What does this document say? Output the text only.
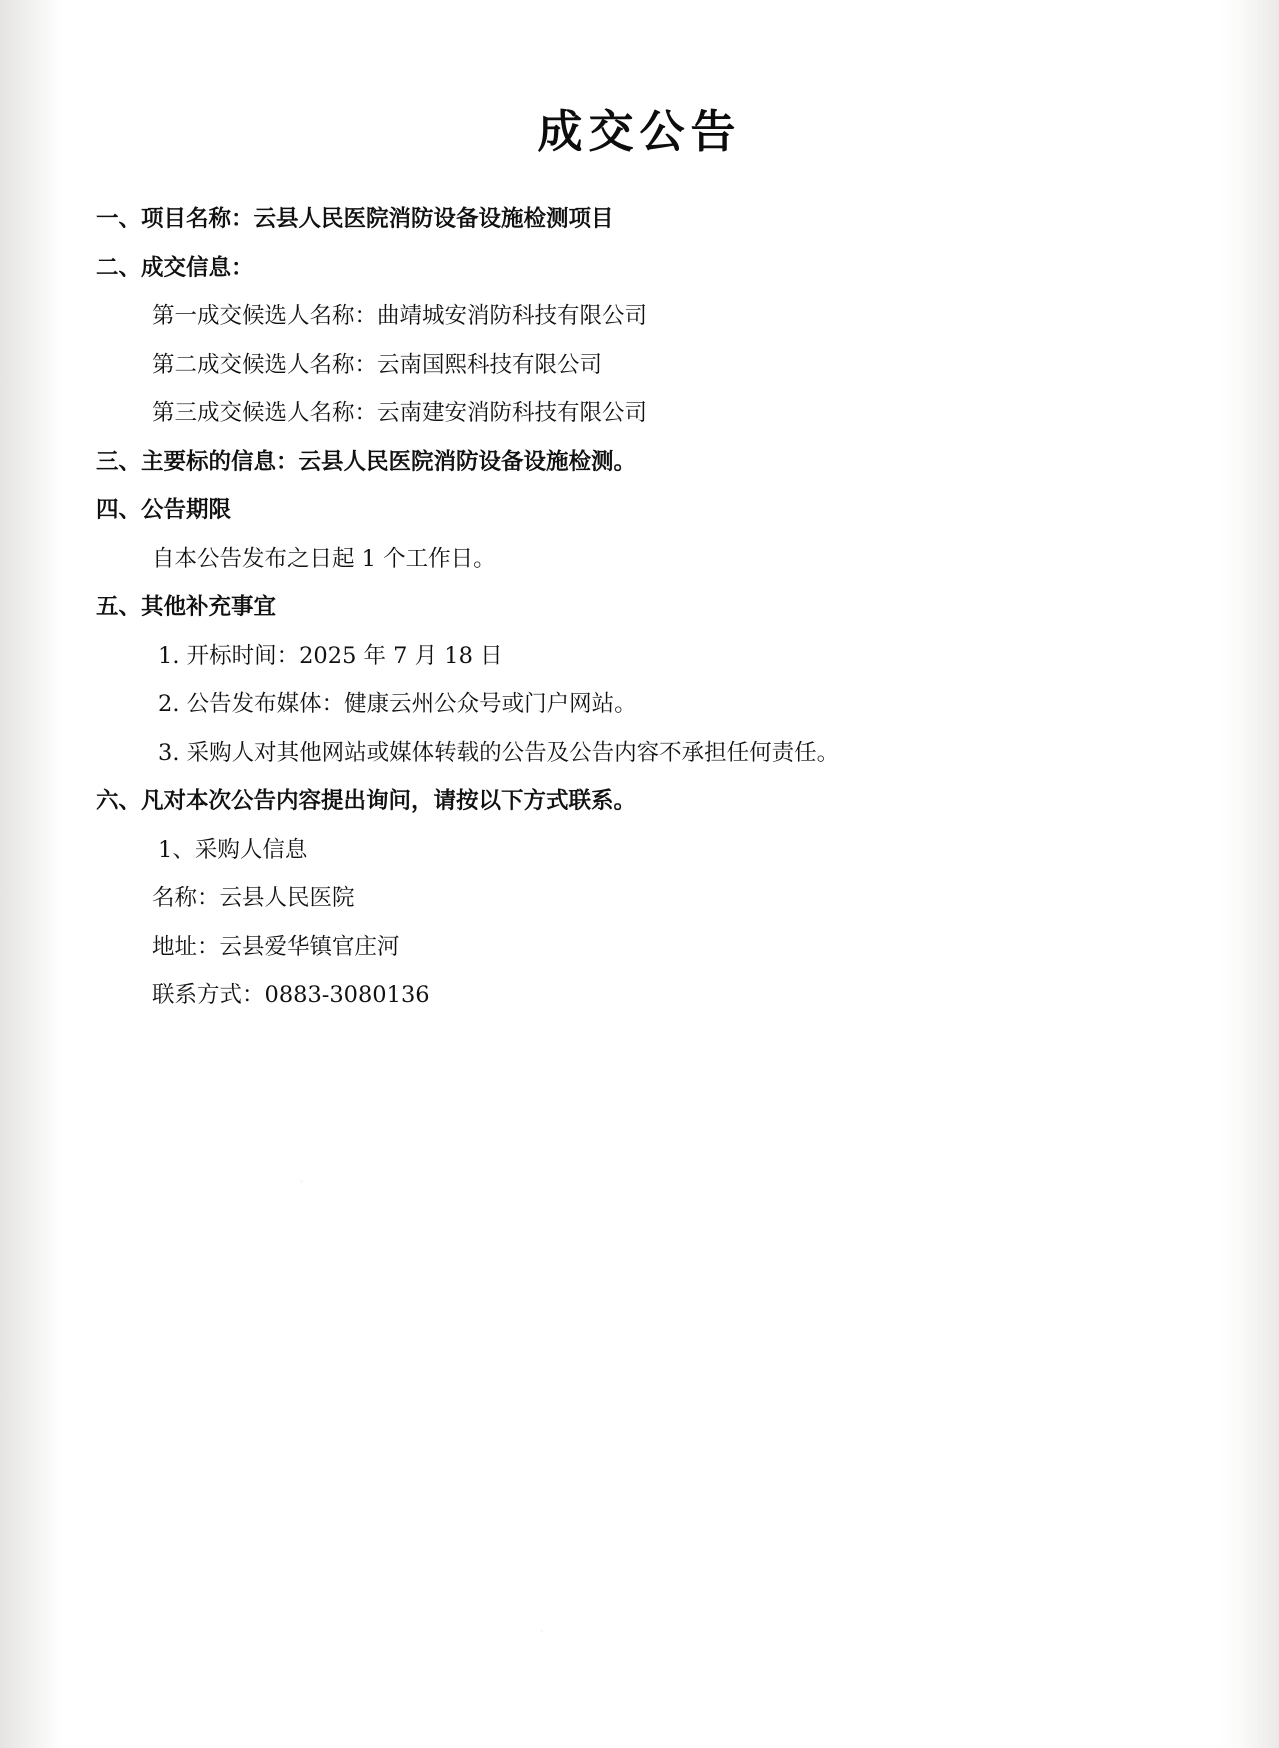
成交公告

一、项目名称：云县人民医院消防设备设施检测项目

二、成交信息：

第一成交候选人名称：曲靖城安消防科技有限公司

第二成交候选人名称：云南国熙科技有限公司

第三成交候选人名称：云南建安消防科技有限公司

三、主要标的信息：云县人民医院消防设备设施检测。

四、公告期限

自本公告发布之日起 1 个工作日。

五、其他补充事宜

1. 开标时间：2025 年 7 月 18 日

2. 公告发布媒体：健康云州公众号或门户网站。

3. 采购人对其他网站或媒体转载的公告及公告内容不承担任何责任。

六、凡对本次公告内容提出询问，请按以下方式联系。

1、采购人信息

名称：云县人民医院

地址：云县爱华镇官庄河

联系方式：0883-3080136
